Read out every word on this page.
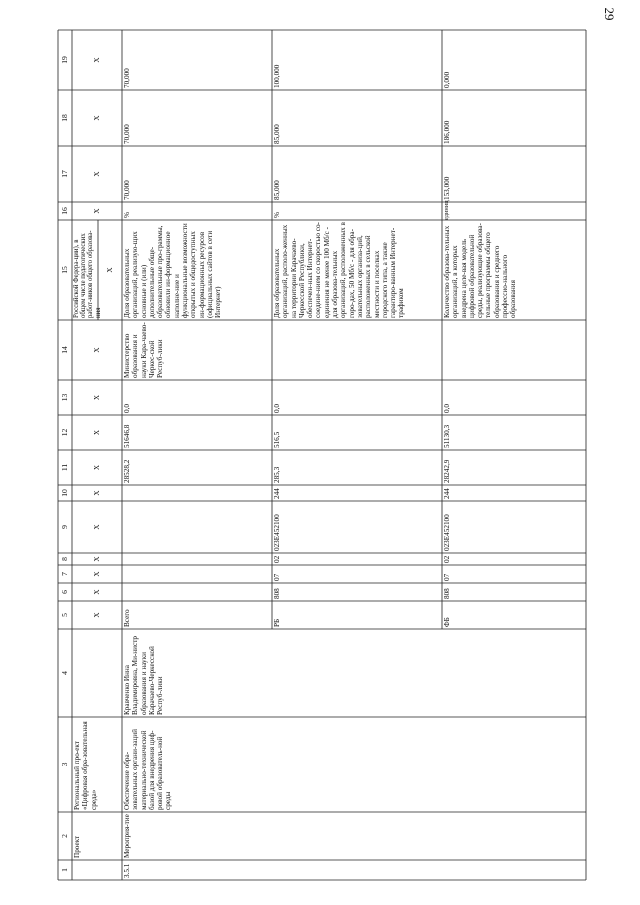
29
1
2
3
4
5
6
7
8
9
10
11
12
13
14
15
16
17
18
19
Проект
Региональный про-ект «Цифровая обра-зовательная среда»
X
X
X
X
X
X
X
X
X
X
Российской Федера-ции), в общем числе педагогических работ-ников общего образова-ния
X
X
X
X
X
3.5.1
Мероприя-тие
Обеспечение обра-зовательных органи-заций материально-технической базой для внедрения циф-ровой образователь-ной среды
Кравченко Инна Владимировна, Ми-нистр образования и науки Карачаево-Черкесской Респуб-лики
Всего
28528,2
51646,8
0,0
Министерство образования и науки Кара-чаево-Черкес-ской Респуб-лики
Доля образовательных организаций, реализую-щих основные и (или) дополнительные обще-образовательные про-граммы, обновили ин-формационное наполне-ние и функциональные возможности открытых и общедоступных ин-формационных ресурсов (официальных сайтов в сети Интернет)
%
70,000
70,000
70,000
РБ
808
07
02
023E452100
244
285,3
516,5
0,0
Доля образовательных организаций, располо-женных на территории Карачаево-Черкесской Республики, обеспечен-ных Интернет-соедине-нием со скоростью со-единения не менее 100 Мб/с - для образова-тельных организаций, расположенных в горо-дах, 50 Мб/с - для обра-зовательных организа-ций, расположенных в сельской местности и поселках городского типа, а также гарантиро-ванным Интернет-трафиком
%
85,000
85,000
100,000
ФБ
808
07
02
023E452100
244
28242,9
51130,3
0,0
Количество образова-тельных организаций, в которых внедрена целе-вая модель цифровой образовательной среды, реализующие образова-тельные программы общего образования и среднего профессио-нального образования
единиц
153,000
186,000
0,000
